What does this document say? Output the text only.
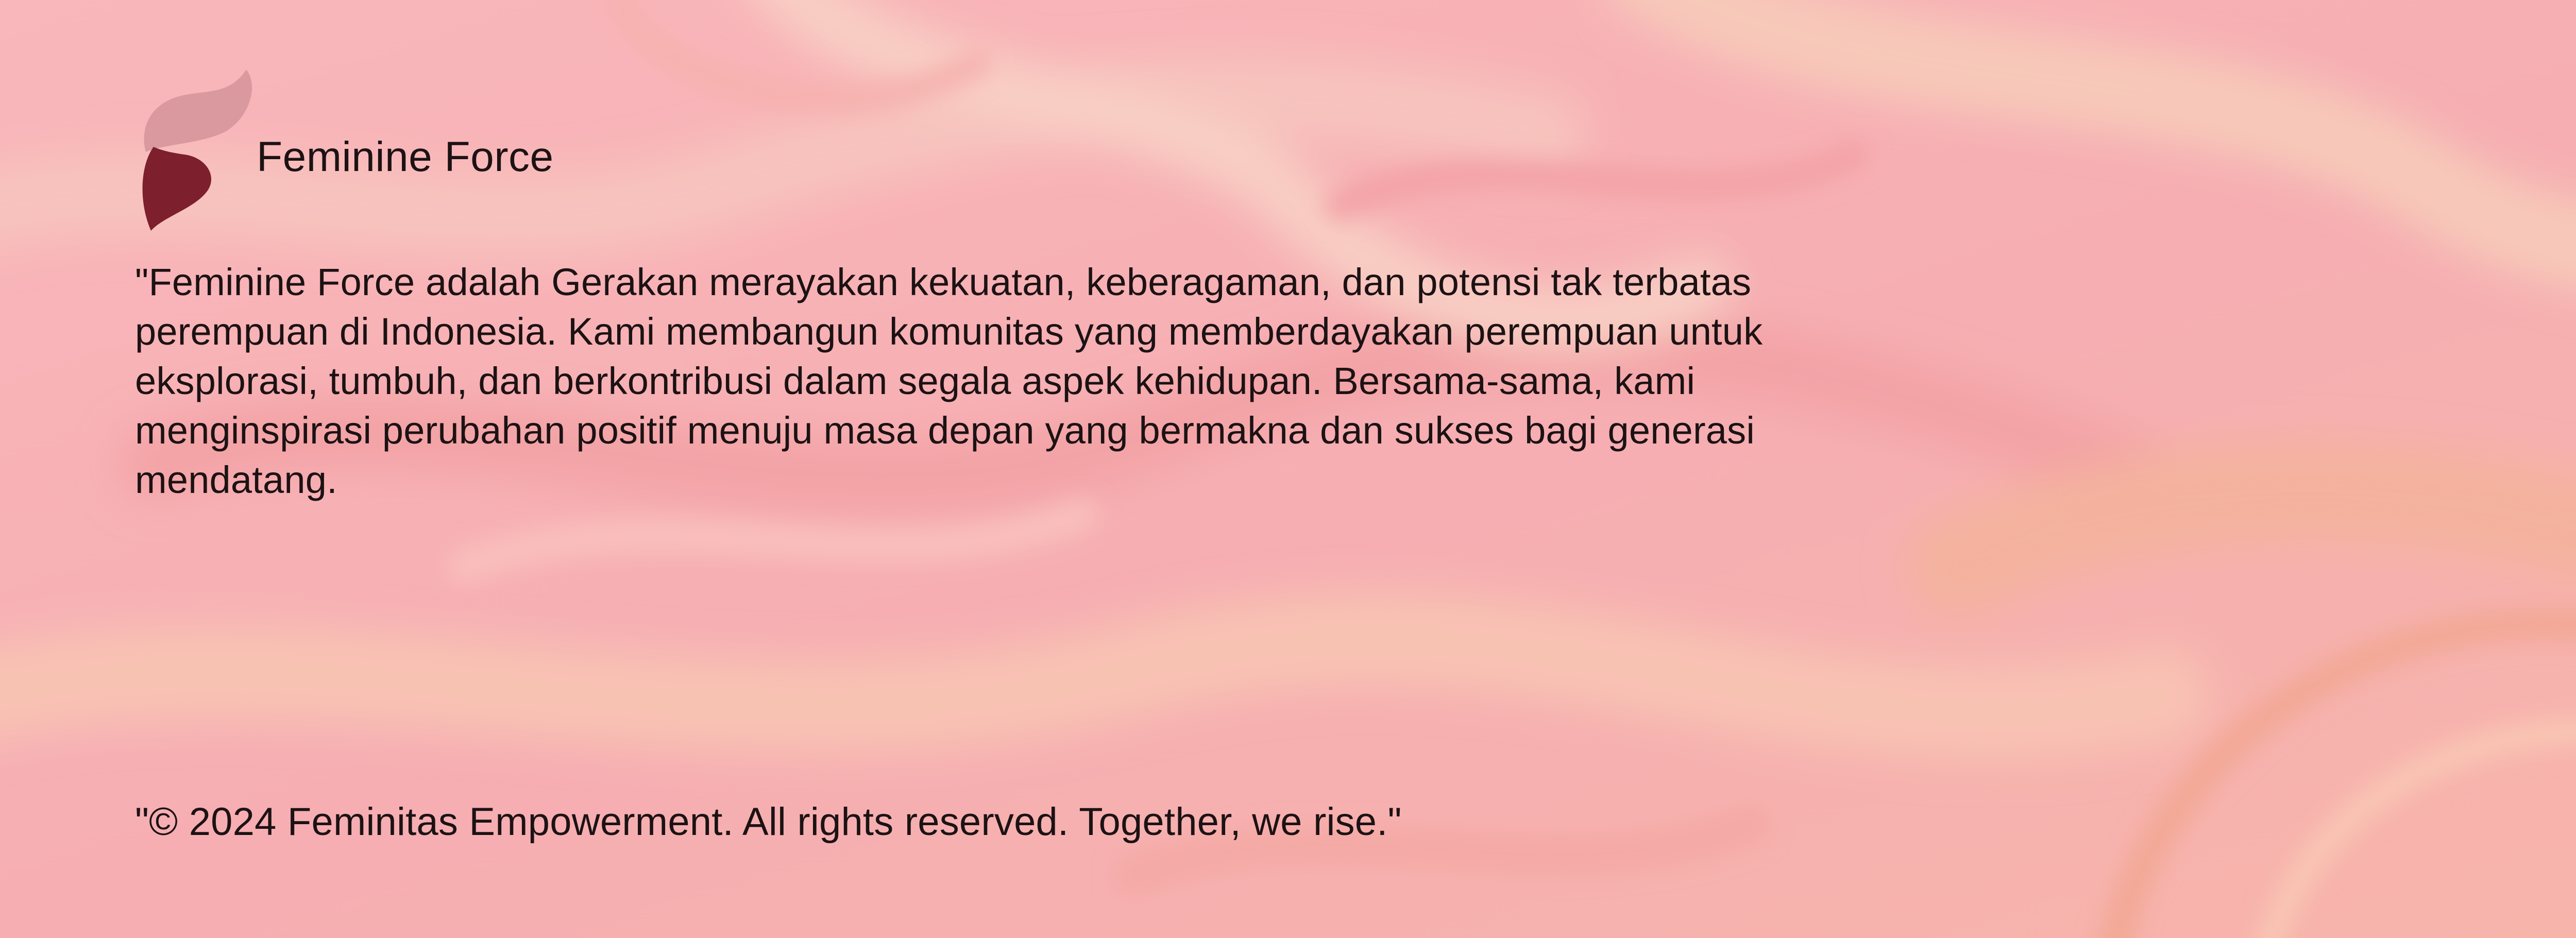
Feminine Force

"Feminine Force adalah Gerakan merayakan kekuatan, keberagaman, dan potensi tak terbatas perempuan di Indonesia. Kami membangun komunitas yang memberdayakan perempuan untuk eksplorasi, tumbuh, dan berkontribusi dalam segala aspek kehidupan. Bersama-sama, kami menginspirasi perubahan positif menuju masa depan yang bermakna dan sukses bagi generasi mendatang.

"© 2024 Feminitas Empowerment. All rights reserved. Together, we rise."
